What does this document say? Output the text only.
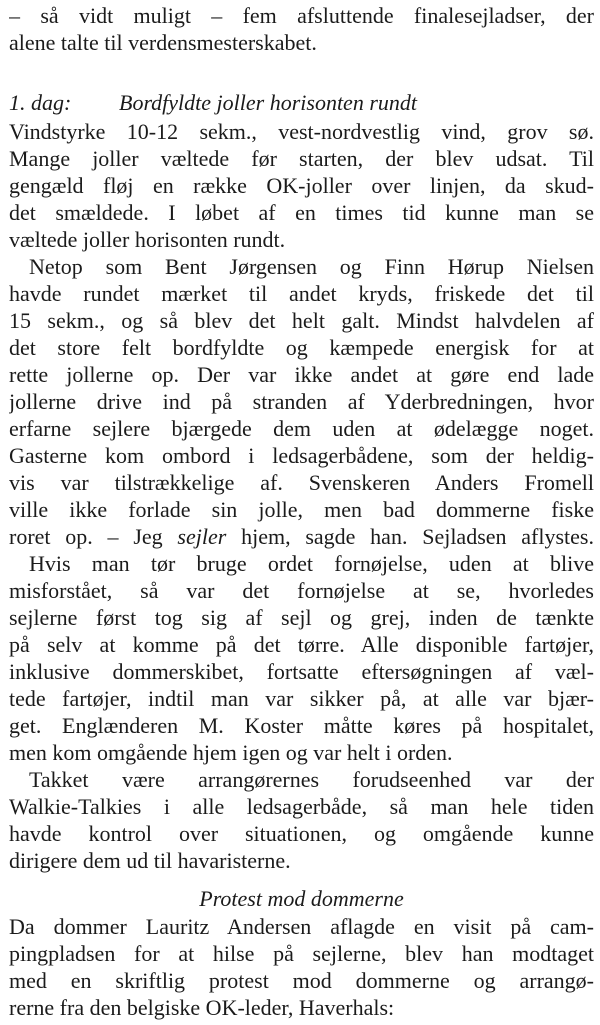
– så vidt muligt – fem afsluttende finalesejladser, der
alene talte til verdensmesterskabet.
1. dag: Bordfyldte joller horisonten rundt
Vindstyrke 10-12 sekm., vest-nordvestlig vind, grov sø.
Mange joller væltede før starten, der blev udsat. Til
gengæld fløj en række OK-joller over linjen, da skud-
det smældede. I løbet af en times tid kunne man se
væltede joller horisonten rundt.
Netop som Bent Jørgensen og Finn Hørup Nielsen
havde rundet mærket til andet kryds, friskede det til
15 sekm., og så blev det helt galt. Mindst halvdelen af
det store felt bordfyldte og kæmpede energisk for at
rette jollerne op. Der var ikke andet at gøre end lade
jollerne drive ind på stranden af Yderbredningen, hvor
erfarne sejlere bjærgede dem uden at ødelægge noget.
Gasterne kom ombord i ledsagerbådene, som der heldig-
vis var tilstrækkelige af. Svenskeren Anders Fromell
ville ikke forlade sin jolle, men bad dommerne fiske
roret op. – Jeg sejler hjem, sagde han. Sejladsen aflystes.
Hvis man tør bruge ordet fornøjelse, uden at blive
misforstået, så var det fornøjelse at se, hvorledes
sejlerne først tog sig af sejl og grej, inden de tænkte
på selv at komme på det tørre. Alle disponible fartøjer,
inklusive dommerskibet, fortsatte eftersøgningen af væl-
tede fartøjer, indtil man var sikker på, at alle var bjær-
get. Englænderen M. Koster måtte køres på hospitalet,
men kom omgående hjem igen og var helt i orden.
Takket være arrangørernes forudseenhed var der
Walkie-Talkies i alle ledsagerbåde, så man hele tiden
havde kontrol over situationen, og omgående kunne
dirigere dem ud til havaristerne.
Protest mod dommerne
Da dommer Lauritz Andersen aflagde en visit på cam-
pingpladsen for at hilse på sejlerne, blev han modtaget
med en skriftlig protest mod dommerne og arrangø-
rerne fra den belgiske OK-leder, Haverhals:
